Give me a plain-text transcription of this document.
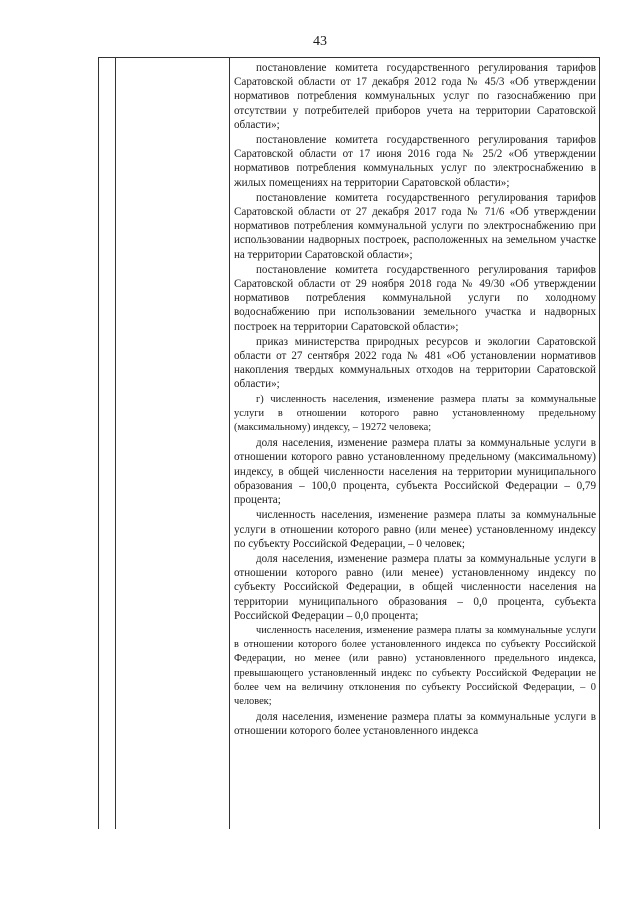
43

постановление комитета государственного регулирования тарифов Саратовской области от 17 декабря 2012 года № 45/3 «Об утверждении нормативов потребления коммунальных услуг по газоснабжению при отсутствии у потребителей приборов учета на территории Саратовской области»;

постановление комитета государственного регулирования тарифов Саратовской области от 17 июня 2016 года № 25/2 «Об утверждении нормативов потребления коммунальных услуг по электроснабжению в жилых помещениях на территории Саратовской области»;

постановление комитета государственного регулирования тарифов Саратовской области от 27 декабря 2017 года № 71/6 «Об утверждении нормативов потребления коммунальной услуги по электроснабжению при использовании надворных построек, расположенных на земельном участке на территории Саратовской области»;

постановление комитета государственного регулирования тарифов Саратовской области от 29 ноября 2018 года № 49/30 «Об утверждении нормативов потребления коммунальной услуги по холодному водоснабжению при использовании земельного участка и надворных построек на территории Саратовской области»;

приказ министерства природных ресурсов и экологии Саратовской области от 27 сентября 2022 года № 481 «Об установлении нормативов накопления твердых коммунальных отходов на территории Саратовской области»;

г) численность населения, изменение размера платы за коммунальные услуги в отношении которого равно установленному предельному (максимальному) индексу, – 19272 человека;

доля населения, изменение размера платы за коммунальные услуги в отношении которого равно установленному предельному (максимальному) индексу, в общей численности населения на территории муниципального образования – 100,0 процента, субъекта Российской Федерации – 0,79 процента;

численность населения, изменение размера платы за коммунальные услуги в отношении которого равно (или менее) установленному индексу по субъекту Российской Федерации, – 0 человек;

доля населения, изменение размера платы за коммунальные услуги в отношении которого равно (или менее) установленному индексу по субъекту Российской Федерации, в общей численности населения на территории муниципального образования – 0,0 процента, субъекта Российской Федерации – 0,0 процента;

численность населения, изменение размера платы за коммунальные услуги в отношении которого более установленного индекса по субъекту Российской Федерации, но менее (или равно) установленного предельного индекса, превышающего установленный индекс по субъекту Российской Федерации не более чем на величину отклонения по субъекту Российской Федерации, – 0 человек;

доля населения, изменение размера платы за коммунальные услуги в отношении которого более установленного индекса
